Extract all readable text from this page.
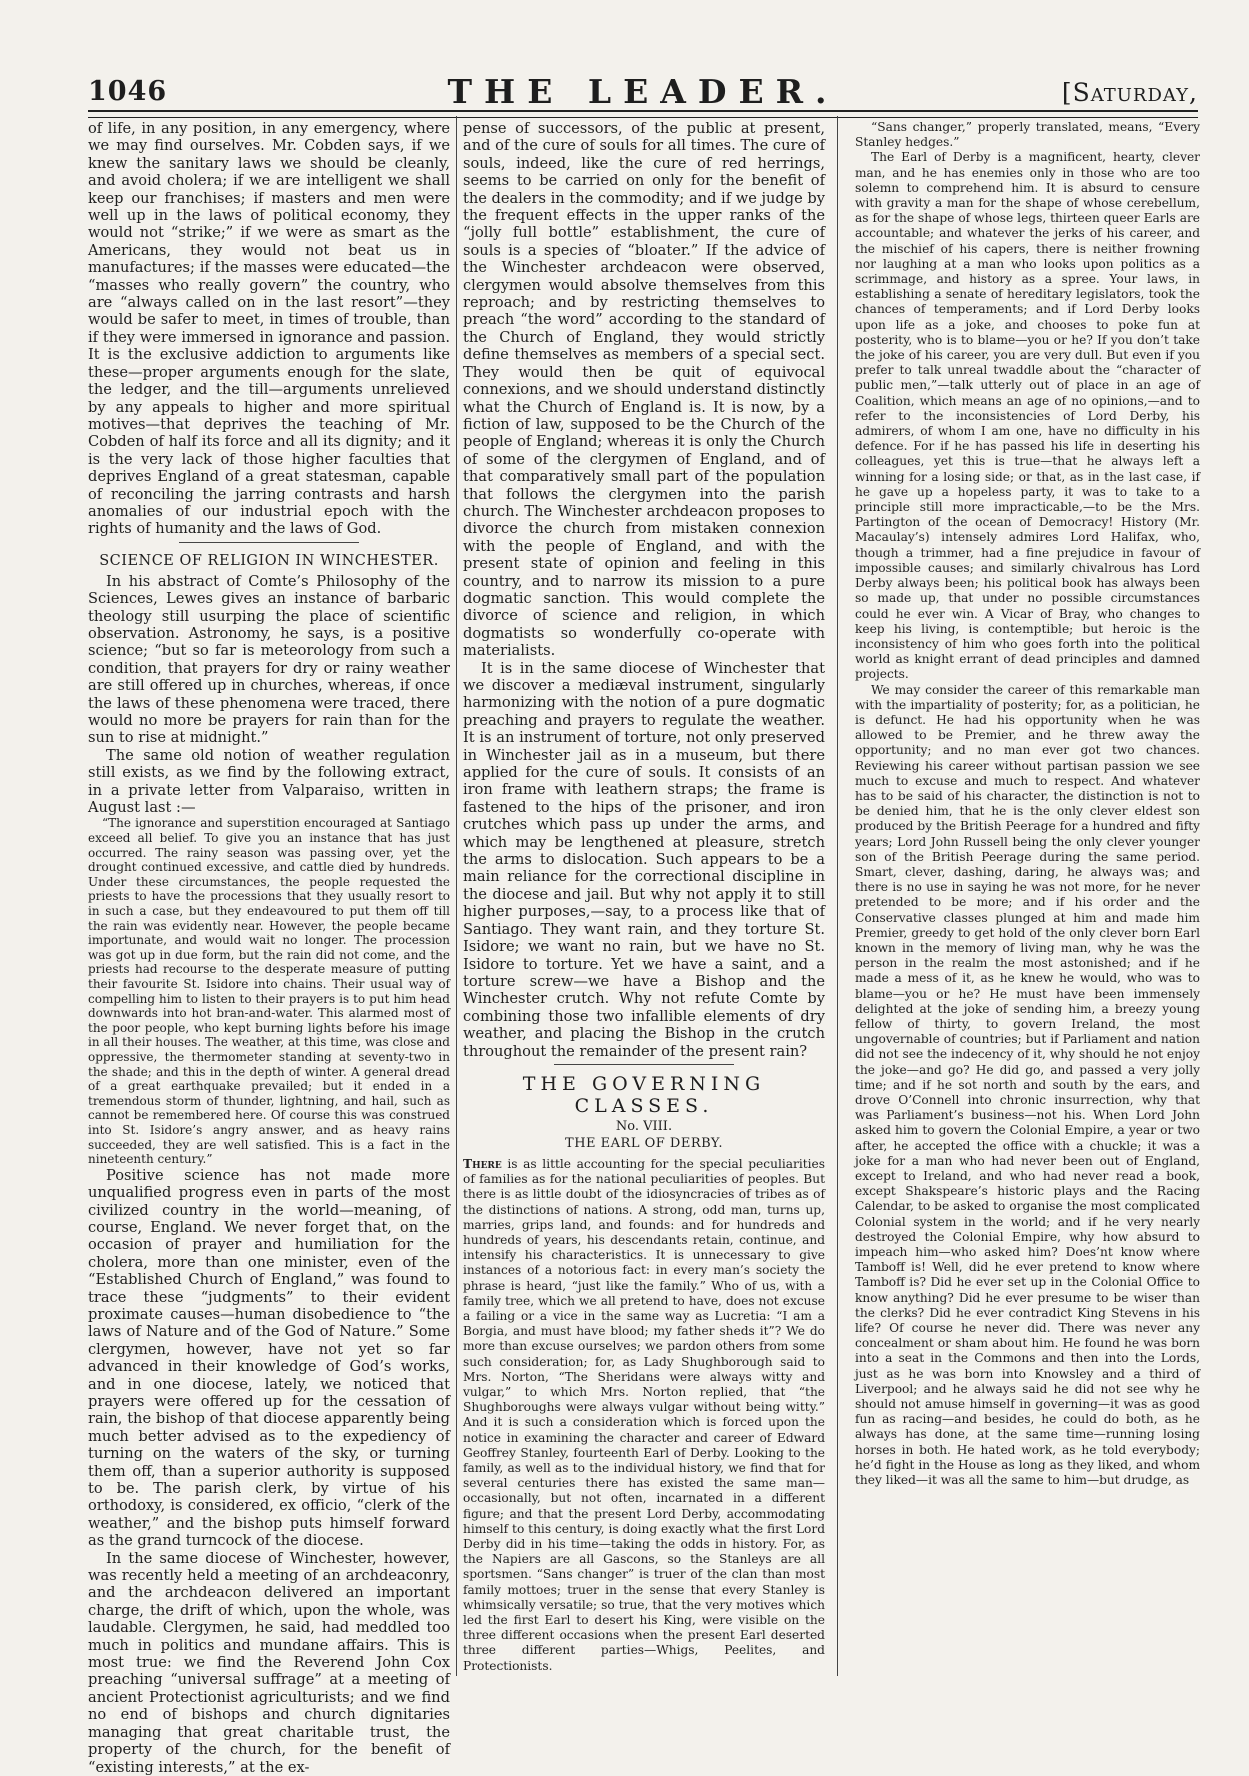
1046	THE LEADER.	[Saturday,

of life, in any position, in any emergency, where we may find ourselves. Mr. Cobden says, if we knew the sanitary laws we should be cleanly, and avoid cholera; if we are intelligent we shall keep our franchises; if masters and men were well up in the laws of political economy, they would not “strike;” if we were as smart as the Americans, they would not beat us in manufactures; if the masses were educated—the “masses who really govern” the country, who are “always called on in the last resort”—they would be safer to meet, in times of trouble, than if they were immersed in ignorance and passion. It is the exclusive addiction to arguments like these—proper arguments enough for the slate, the ledger, and the till—arguments unrelieved by any appeals to higher and more spiritual motives—that deprives the teaching of Mr. Cobden of half its force and all its dignity; and it is the very lack of those higher faculties that deprives England of a great statesman, capable of reconciling the jarring contrasts and harsh anomalies of our industrial epoch with the rights of humanity and the laws of God.

SCIENCE OF RELIGION IN WINCHESTER.

In his abstract of Comte’s Philosophy of the Sciences, Lewes gives an instance of barbaric theology still usurping the place of scientific observation. Astronomy, he says, is a positive science; “but so far is meteorology from such a condition, that prayers for dry or rainy weather are still offered up in churches, whereas, if once the laws of these phenomena were traced, there would no more be prayers for rain than for the sun to rise at midnight.”

The same old notion of weather regulation still exists, as we find by the following extract, in a private letter from Valparaiso, written in August last :—

“The ignorance and superstition encouraged at Santiago exceed all belief. To give you an instance that has just occurred. The rainy season was passing over, yet the drought continued excessive, and cattle died by hundreds. Under these circumstances, the people requested the priests to have the processions that they usually resort to in such a case, but they endeavoured to put them off till the rain was evidently near. However, the people became importunate, and would wait no longer. The procession was got up in due form, but the rain did not come, and the priests had recourse to the desperate measure of putting their favourite St. Isidore into chains. Their usual way of compelling him to listen to their prayers is to put him head downwards into hot bran-and-water. This alarmed most of the poor people, who kept burning lights before his image in all their houses. The weather, at this time, was close and oppressive, the thermometer standing at seventy-two in the shade; and this in the depth of winter. A general dread of a great earthquake prevailed; but it ended in a tremendous storm of thunder, lightning, and hail, such as cannot be remembered here. Of course this was construed into St. Isidore’s angry answer, and as heavy rains succeeded, they are well satisfied. This is a fact in the nineteenth century.”

Positive science has not made more unqualified progress even in parts of the most civilized country in the world—meaning, of course, England. We never forget that, on the occasion of prayer and humiliation for the cholera, more than one minister, even of the “Established Church of England,” was found to trace these “judgments” to their evident proximate causes—human disobedience to “the laws of Nature and of the God of Nature.” Some clergymen, however, have not yet so far advanced in their knowledge of God’s works, and in one diocese, lately, we noticed that prayers were offered up for the cessation of rain, the bishop of that diocese apparently being much better advised as to the expediency of turning on the waters of the sky, or turning them off, than a superior authority is supposed to be. The parish clerk, by virtue of his orthodoxy, is considered, ex officio, “clerk of the weather,” and the bishop puts himself forward as the grand turncock of the diocese.

In the same diocese of Winchester, however, was recently held a meeting of an archdeaconry, and the archdeacon delivered an important charge, the drift of which, upon the whole, was laudable. Clergymen, he said, had meddled too much in politics and mundane affairs. This is most true: we find the Reverend John Cox preaching “universal suffrage” at a meeting of ancient Protectionist agriculturists; and we find no end of bishops and church dignitaries managing that great charitable trust, the property of the church, for the benefit of “existing interests,” at the ex-

pense of successors, of the public at present, and of the cure of souls for all times. The cure of souls, indeed, like the cure of red herrings, seems to be carried on only for the benefit of the dealers in the commodity; and if we judge by the frequent effects in the upper ranks of the “jolly full bottle” establishment, the cure of souls is a species of “bloater.” If the advice of the Winchester archdeacon were observed, clergymen would absolve themselves from this reproach; and by restricting themselves to preach “the word” according to the standard of the Church of England, they would strictly define themselves as members of a special sect. They would then be quit of equivocal connexions, and we should understand distinctly what the Church of England is. It is now, by a fiction of law, supposed to be the Church of the people of England; whereas it is only the Church of some of the clergymen of England, and of that comparatively small part of the population that follows the clergymen into the parish church. The Winchester archdeacon proposes to divorce the church from mistaken connexion with the people of England, and with the present state of opinion and feeling in this country, and to narrow its mission to a pure dogmatic sanction. This would complete the divorce of science and religion, in which dogmatists so wonderfully co-operate with materialists.

It is in the same diocese of Winchester that we discover a mediæval instrument, singularly harmonizing with the notion of a pure dogmatic preaching and prayers to regulate the weather. It is an instrument of torture, not only preserved in Winchester jail as in a museum, but there applied for the cure of souls. It consists of an iron frame with leathern straps; the frame is fastened to the hips of the prisoner, and iron crutches which pass up under the arms, and which may be lengthened at pleasure, stretch the arms to dislocation. Such appears to be a main reliance for the correctional discipline in the diocese and jail. But why not apply it to still higher purposes,—say, to a process like that of Santiago. They want rain, and they torture St. Isidore; we want no rain, but we have no St. Isidore to torture. Yet we have a saint, and a torture screw—we have a Bishop and the Winchester crutch. Why not refute Comte by combining those two infallible elements of dry weather, and placing the Bishop in the crutch throughout the remainder of the present rain?

THE GOVERNING CLASSES.
No. VIII.
THE EARL OF DERBY.

There is as little accounting for the special peculiarities of families as for the national peculiarities of peoples. But there is as little doubt of the idiosyncracies of tribes as of the distinctions of nations. A strong, odd man, turns up, marries, grips land, and founds: and for hundreds and hundreds of years, his descendants retain, continue, and intensify his characteristics. It is unnecessary to give instances of a notorious fact: in every man’s society the phrase is heard, “just like the family.” Who of us, with a family tree, which we all pretend to have, does not excuse a failing or a vice in the same way as Lucretia: “I am a Borgia, and must have blood; my father sheds it”? We do more than excuse ourselves; we pardon others from some such consideration; for, as Lady Shughborough said to Mrs. Norton, “The Sheridans were always witty and vulgar,” to which Mrs. Norton replied, that “the Shughboroughs were always vulgar without being witty.” And it is such a consideration which is forced upon the notice in examining the character and career of Edward Geoffrey Stanley, fourteenth Earl of Derby. Looking to the family, as well as to the individual history, we find that for several centuries there has existed the same man—occasionally, but not often, incarnated in a different figure; and that the present Lord Derby, accommodating himself to this century, is doing exactly what the first Lord Derby did in his time—taking the odds in history. For, as the Napiers are all Gascons, so the Stanleys are all sportsmen. “Sans changer” is truer of the clan than most family mottoes; truer in the sense that every Stanley is whimsically versatile; so true, that the very motives which led the first Earl to desert his King, were visible on the three different occasions when the present Earl deserted three different parties—Whigs, Peelites, and Protectionists.

“Sans changer,” properly translated, means, “Every Stanley hedges.”

The Earl of Derby is a magnificent, hearty, clever man, and he has enemies only in those who are too solemn to comprehend him. It is absurd to censure with gravity a man for the shape of whose cerebellum, as for the shape of whose legs, thirteen queer Earls are accountable; and whatever the jerks of his career, and the mischief of his capers, there is neither frowning nor laughing at a man who looks upon politics as a scrimmage, and history as a spree. Your laws, in establishing a senate of hereditary legislators, took the chances of temperaments; and if Lord Derby looks upon life as a joke, and chooses to poke fun at posterity, who is to blame—you or he? If you don’t take the joke of his career, you are very dull. But even if you prefer to talk unreal twaddle about the “character of public men,”—talk utterly out of place in an age of Coalition, which means an age of no opinions,—and to refer to the inconsistencies of Lord Derby, his admirers, of whom I am one, have no difficulty in his defence. For if he has passed his life in deserting his colleagues, yet this is true—that he always left a winning for a losing side; or that, as in the last case, if he gave up a hopeless party, it was to take to a principle still more impracticable,—to be the Mrs. Partington of the ocean of Democracy! History (Mr. Macaulay’s) intensely admires Lord Halifax, who, though a trimmer, had a fine prejudice in favour of impossible causes; and similarly chivalrous has Lord Derby always been; his political book has always been so made up, that under no possible circumstances could he ever win. A Vicar of Bray, who changes to keep his living, is contemptible; but heroic is the inconsistency of him who goes forth into the political world as knight errant of dead principles and damned projects.

We may consider the career of this remarkable man with the impartiality of posterity; for, as a politician, he is defunct. He had his opportunity when he was allowed to be Premier, and he threw away the opportunity; and no man ever got two chances. Reviewing his career without partisan passion we see much to excuse and much to respect. And whatever has to be said of his character, the distinction is not to be denied him, that he is the only clever eldest son produced by the British Peerage for a hundred and fifty years; Lord John Russell being the only clever younger son of the British Peerage during the same period. Smart, clever, dashing, daring, he always was; and there is no use in saying he was not more, for he never pretended to be more; and if his order and the Conservative classes plunged at him and made him Premier, greedy to get hold of the only clever born Earl known in the memory of living man, why he was the person in the realm the most astonished; and if he made a mess of it, as he knew he would, who was to blame—you or he? He must have been immensely delighted at the joke of sending him, a breezy young fellow of thirty, to govern Ireland, the most ungovernable of countries; but if Parliament and nation did not see the indecency of it, why should he not enjoy the joke—and go? He did go, and passed a very jolly time; and if he sot north and south by the ears, and drove O’Connell into chronic insurrection, why that was Parliament’s business—not his. When Lord John asked him to govern the Colonial Empire, a year or two after, he accepted the office with a chuckle; it was a joke for a man who had never been out of England, except to Ireland, and who had never read a book, except Shakspeare’s historic plays and the Racing Calendar, to be asked to organise the most complicated Colonial system in the world; and if he very nearly destroyed the Colonial Empire, why how absurd to impeach him—who asked him? Does’nt know where Tamboff is! Well, did he ever pretend to know where Tamboff is? Did he ever set up in the Colonial Office to know anything? Did he ever presume to be wiser than the clerks? Did he ever contradict King Stevens in his life? Of course he never did. There was never any concealment or sham about him. He found he was born into a seat in the Commons and then into the Lords, just as he was born into Knowsley and a third of Liverpool; and he always said he did not see why he should not amuse himself in governing—it was as good fun as racing—and besides, he could do both, as he always has done, at the same time—running losing horses in both. He hated work, as he told everybody; he’d fight in the House as long as they liked, and whom they liked—it was all the same to him—but drudge, as
